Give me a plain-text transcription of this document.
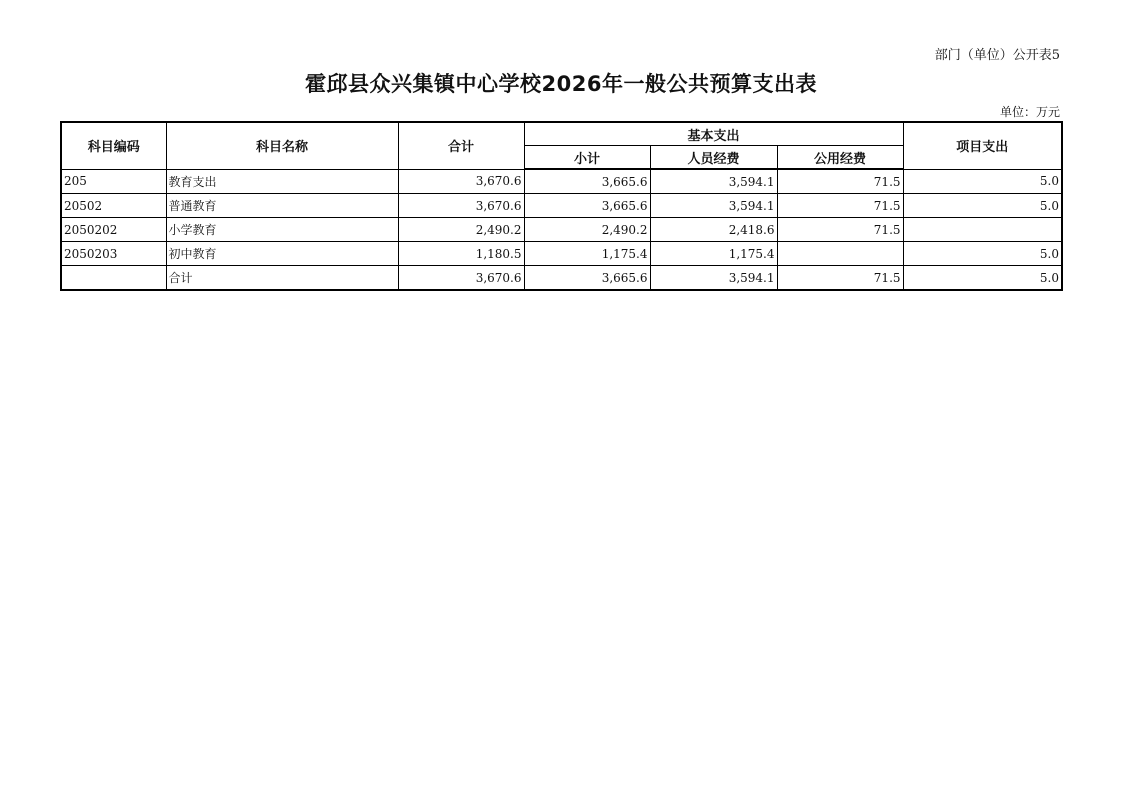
部门（单位）公开表5
霍邱县众兴集镇中心学校2026年一般公共预算支出表
单位：万元
科目编码	科目名称	合计	基本支出			项目支出
			小计	人员经费	公用经费	
205	教育支出	3,670.6	3,665.6	3,594.1	71.5	5.0
20502	普通教育	3,670.6	3,665.6	3,594.1	71.5	5.0
2050202	小学教育	2,490.2	2,490.2	2,418.6	71.5	
2050203	初中教育	1,180.5	1,175.4	1,175.4		5.0
	合计	3,670.6	3,665.6	3,594.1	71.5	5.0
